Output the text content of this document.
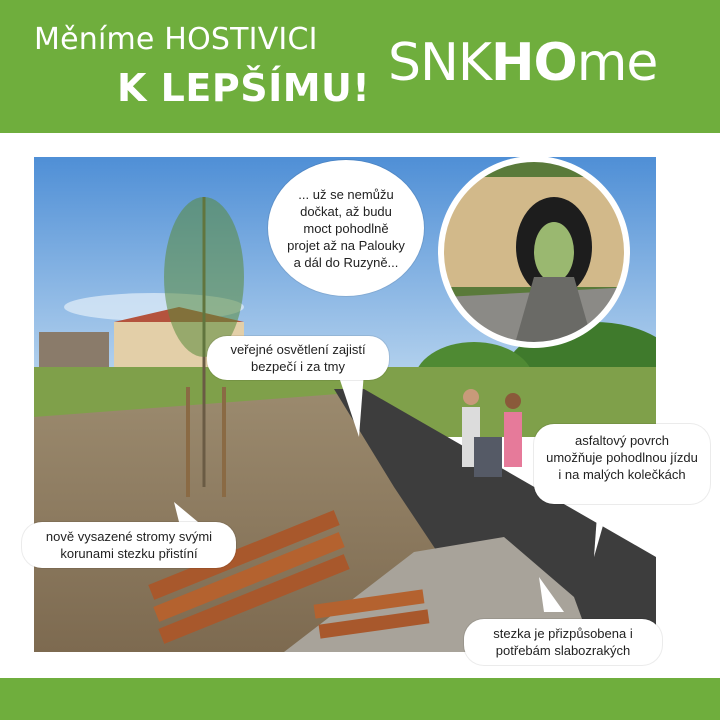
Měníme HOSTIVICI
K LEPŠÍMU! SNKHOme
... už se nemůžu dočkat, až budu moct pohodlně projet až na Palouky a dál do Ruzyně...
veřejné osvětlení zajistí bezpečí i za tmy
nově vysazené stromy svými korunami stezku přistíní
asfaltový povrch umožňuje pohodlnou jízdu i na malých kolečkách
stezka je přizpůsobena i potřebám slabozrakých
